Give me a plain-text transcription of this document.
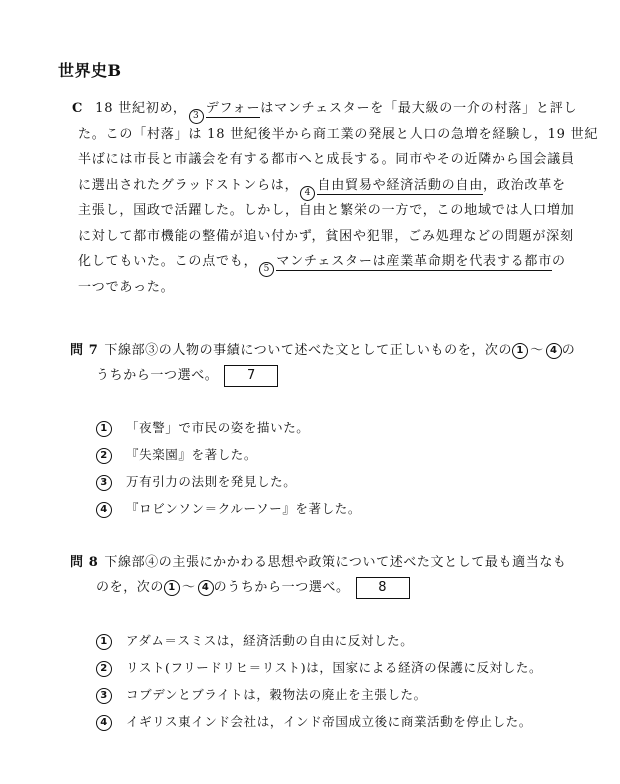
世界史B
C 18 世紀初め， 3 デフォーはマンチェスターを「最大級の一介の村落」と評し
た。この「村落」は 18 世紀後半から商工業の発展と人口の急増を経験し，19 世紀
半ばには市長と市議会を有する都市へと成長する。同市やその近隣から国会議員
に選出されたグラッドストンらは， 4 自由貿易や経済活動の自由，政治改革を
主張し，国政で活躍した。しかし，自由と繁栄の一方で，この地域では人口増加
に対して都市機能の整備が追い付かず，貧困や犯罪，ごみ処理などの問題が深刻
化してもいた。この点でも， 5 マンチェスターは産業革命期を代表する都市の
一つであった。
問 7 下線部③の人物の事績について述べた文として正しいものを，次の 1 〜 4 の
うちから一つ選べ。 7
1 「夜警」で市民の姿を描いた。
2 『失楽園』を著した。
3 万有引力の法則を発見した。
4 『ロビンソン＝クルーソー』を著した。
問 8 下線部④の主張にかかわる思想や政策について述べた文として最も適当なも
のを，次の 1 〜 4 のうちから一つ選べ。 8
1 アダム＝スミスは，経済活動の自由に反対した。
2 リスト(フリードリヒ＝リスト)は，国家による経済の保護に反対した。
3 コブデンとブライトは，穀物法の廃止を主張した。
4 イギリス東インド会社は，インド帝国成立後に商業活動を停止した。
